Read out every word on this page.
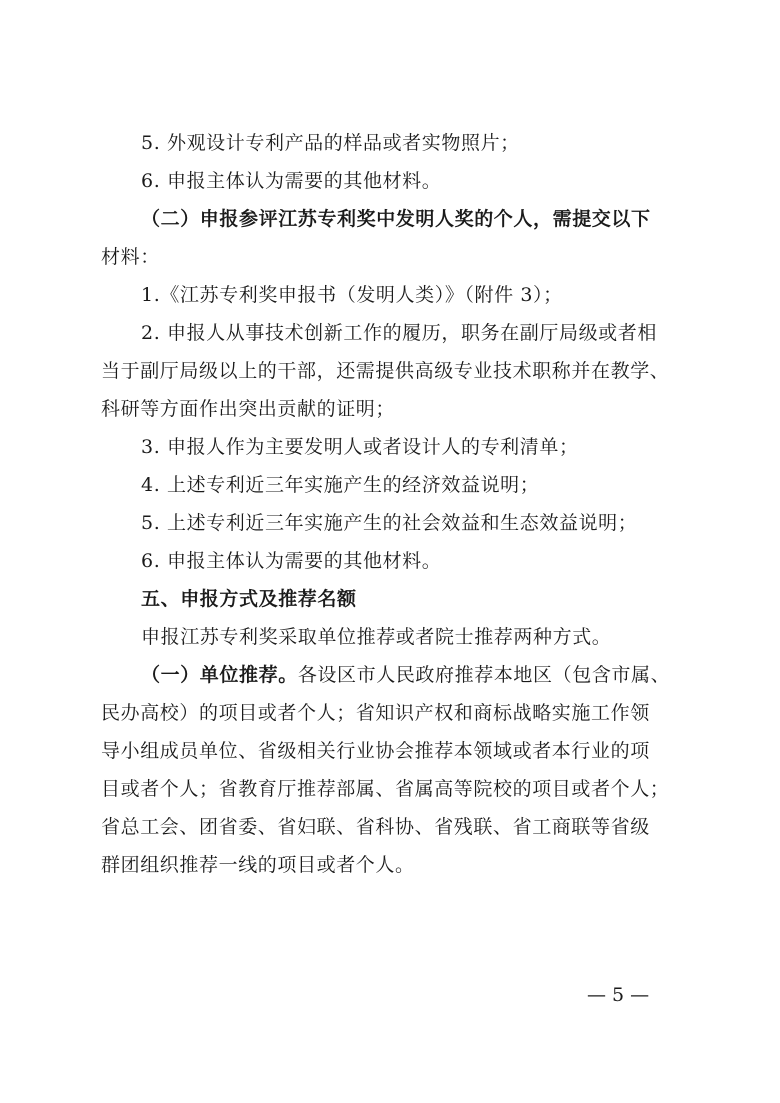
5. 外观设计专利产品的样品或者实物照片；
6. 申报主体认为需要的其他材料。
（二）申报参评江苏专利奖中发明人奖的个人，需提交以下
材料：
1.《江苏专利奖申报书（发明人类）》（附件 3）；
2. 申报人从事技术创新工作的履历，职务在副厅局级或者相
当于副厅局级以上的干部，还需提供高级专业技术职称并在教学、
科研等方面作出突出贡献的证明；
3. 申报人作为主要发明人或者设计人的专利清单；
4. 上述专利近三年实施产生的经济效益说明；
5. 上述专利近三年实施产生的社会效益和生态效益说明；
6. 申报主体认为需要的其他材料。
五、申报方式及推荐名额
申报江苏专利奖采取单位推荐或者院士推荐两种方式。
（一）单位推荐。各设区市人民政府推荐本地区（包含市属、
民办高校）的项目或者个人；省知识产权和商标战略实施工作领
导小组成员单位、省级相关行业协会推荐本领域或者本行业的项
目或者个人；省教育厅推荐部属、省属高等院校的项目或者个人；
省总工会、团省委、省妇联、省科协、省残联、省工商联等省级
群团组织推荐一线的项目或者个人。
— 5 —
